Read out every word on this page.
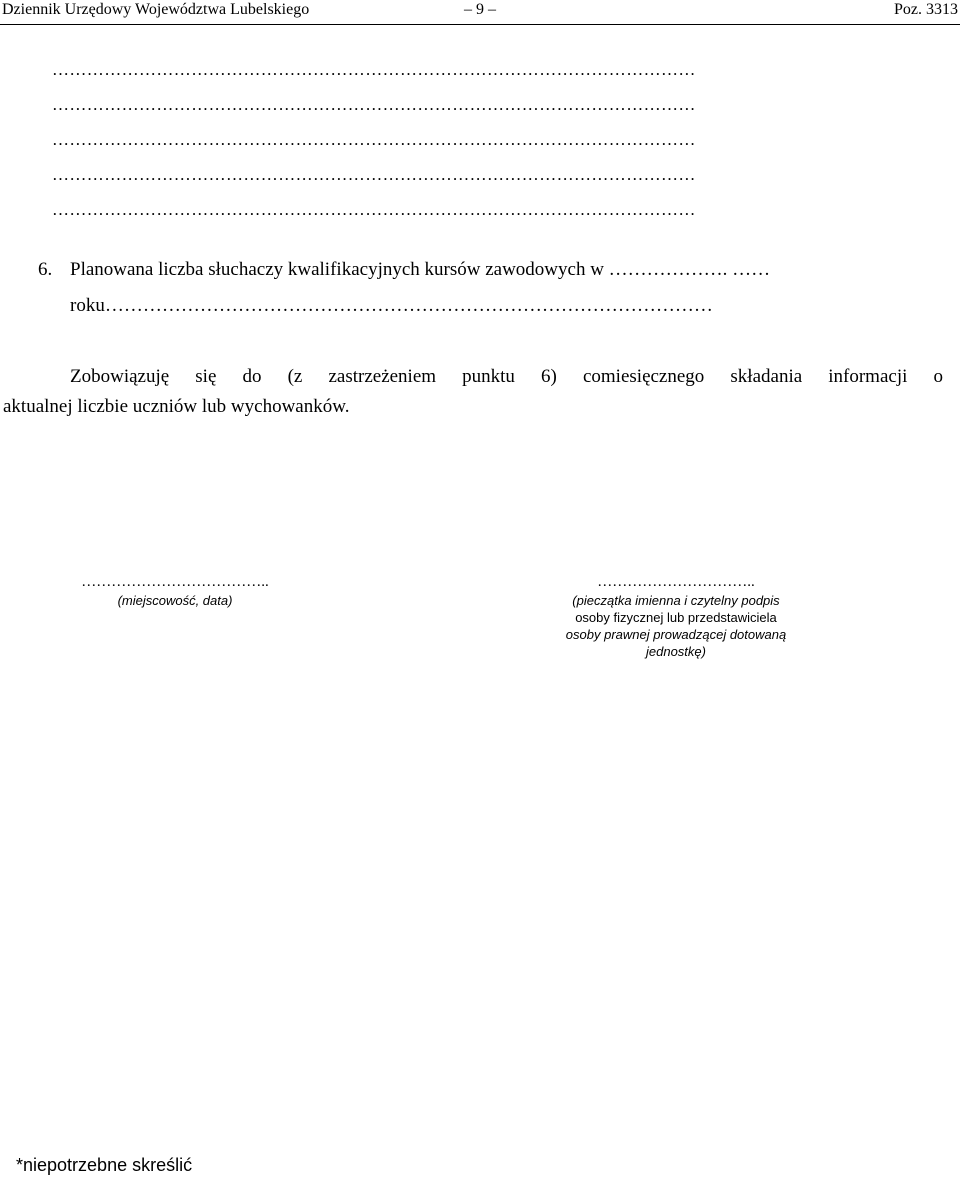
Dziennik Urzędowy Województwa Lubelskiego	– 9 –	Poz. 3313
…………………………………………………………………………………………………
…………………………………………………………………………………………………
…………………………………………………………………………………………………
…………………………………………………………………………………………………
…………………………………………………………………………………………………
6. Planowana liczba słuchaczy kwalifikacyjnych kursów zawodowych w ………………. ……
roku……………………………………………………………………………………
Zobowiązuję się do (z zastrzeżeniem punktu 6) comiesięcznego składania informacji o
aktualnej liczbie uczniów lub wychowanków.
………………………………..
(miejscowość, data)
…………………………..
(pieczątka imienna i czytelny podpis
osoby fizycznej lub przedstawiciela
osoby prawnej prowadzącej dotowaną
jednostkę)
*niepotrzebne skreślić
